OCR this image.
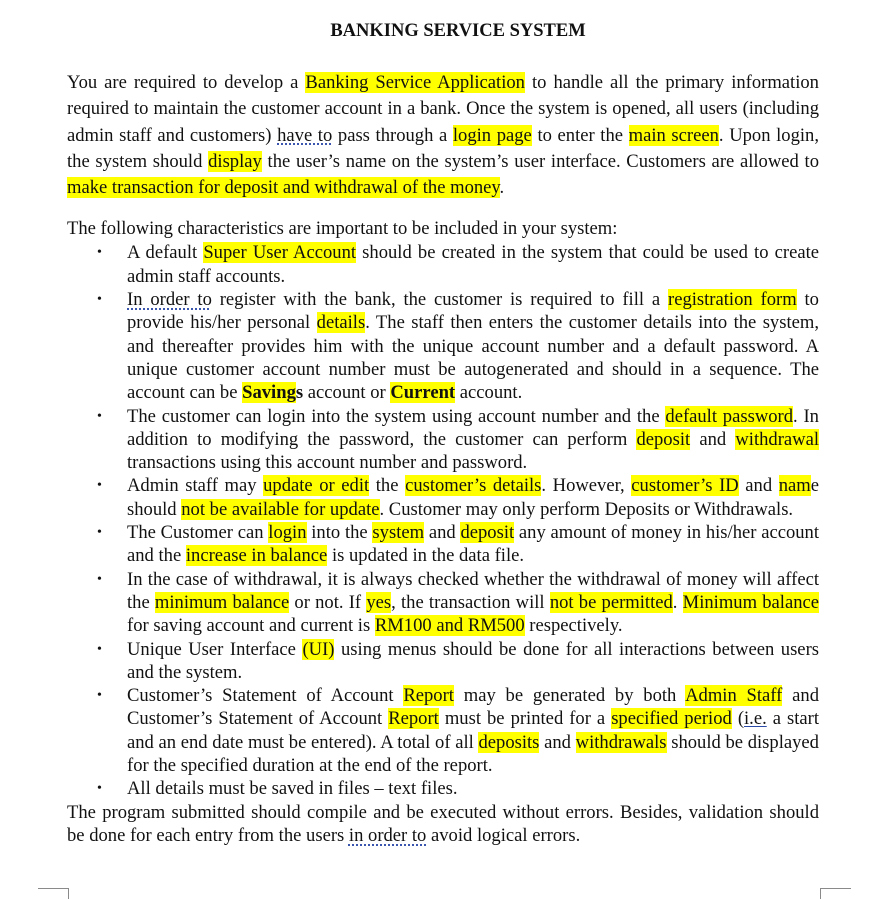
BANKING SERVICE SYSTEM

You are required to develop a Banking Service Application to handle all the primary information required to maintain the customer account in a bank. Once the system is opened, all users (including admin staff and customers) have to pass through a login page to enter the main screen. Upon login, the system should display the user’s name on the system’s user interface. Customers are allowed to make transaction for deposit and withdrawal of the money.

The following characteristics are important to be included in your system:

• A default Super User Account should be created in the system that could be used to create admin staff accounts.
• In order to register with the bank, the customer is required to fill a registration form to provide his/her personal details. The staff then enters the customer details into the system, and thereafter provides him with the unique account number and a default password. A unique customer account number must be autogenerated and should in a sequence. The account can be Savings account or Current account.
• The customer can login into the system using account number and the default password. In addition to modifying the password, the customer can perform deposit and withdrawal transactions using this account number and password.
• Admin staff may update or edit the customer’s details. However, customer’s ID and name should not be available for update. Customer may only perform Deposits or Withdrawals.
• The Customer can login into the system and deposit any amount of money in his/her account and the increase in balance is updated in the data file.
• In the case of withdrawal, it is always checked whether the withdrawal of money will affect the minimum balance or not. If yes, the transaction will not be permitted. Minimum balance for saving account and current is RM100 and RM500 respectively.
• Unique User Interface (UI) using menus should be done for all interactions between users and the system.
• Customer’s Statement of Account Report may be generated by both Admin Staff and Customer’s Statement of Account Report must be printed for a specified period (i.e. a start and an end date must be entered). A total of all deposits and withdrawals should be displayed for the specified duration at the end of the report.
• All details must be saved in files – text files.

The program submitted should compile and be executed without errors. Besides, validation should be done for each entry from the users in order to avoid logical errors.
